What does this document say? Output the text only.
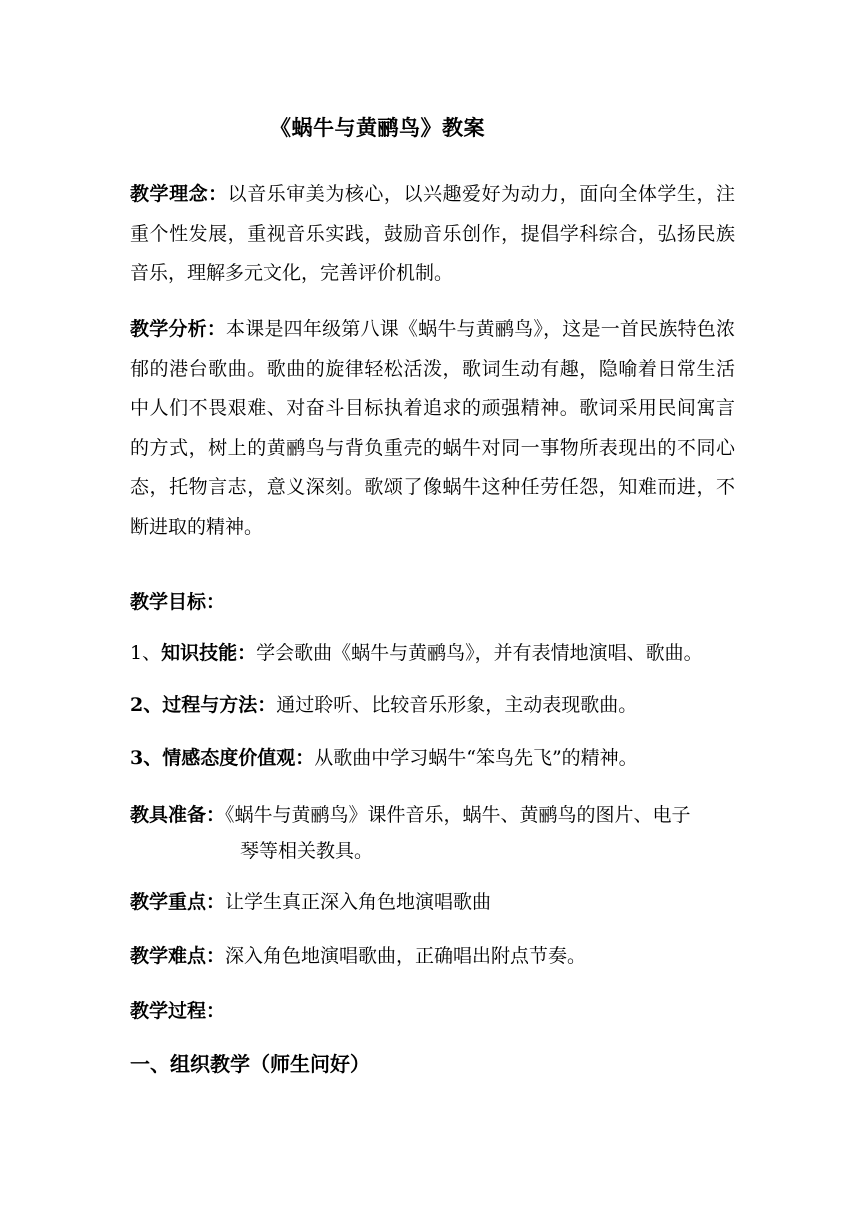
《蜗牛与黄鹂鸟》教案
教学理念：以音乐审美为核心，以兴趣爱好为动力，面向全体学生，注重个性发展，重视音乐实践，鼓励音乐创作，提倡学科综合，弘扬民族音乐，理解多元文化，完善评价机制。
教学分析：本课是四年级第八课《蜗牛与黄鹂鸟》，这是一首民族特色浓郁的港台歌曲。歌曲的旋律轻松活泼，歌词生动有趣，隐喻着日常生活中人们不畏艰难、对奋斗目标执着追求的顽强精神。歌词采用民间寓言的方式，树上的黄鹂鸟与背负重壳的蜗牛对同一事物所表现出的不同心态，托物言志，意义深刻。歌颂了像蜗牛这种任劳任怨，知难而进，不断进取的精神。
教学目标：
1、知识技能：学会歌曲《蜗牛与黄鹂鸟》，并有表情地演唱、歌曲。
2、过程与方法：通过聆听、比较音乐形象，主动表现歌曲。
3、情感态度价值观：从歌曲中学习蜗牛“笨鸟先飞”的精神。
教具准备：《蜗牛与黄鹂鸟》课件音乐，蜗牛、黄鹂鸟的图片、电子
琴等相关教具。
教学重点：让学生真正深入角色地演唱歌曲
教学难点：深入角色地演唱歌曲，正确唱出附点节奏。
教学过程：
一、组织教学（师生问好）
